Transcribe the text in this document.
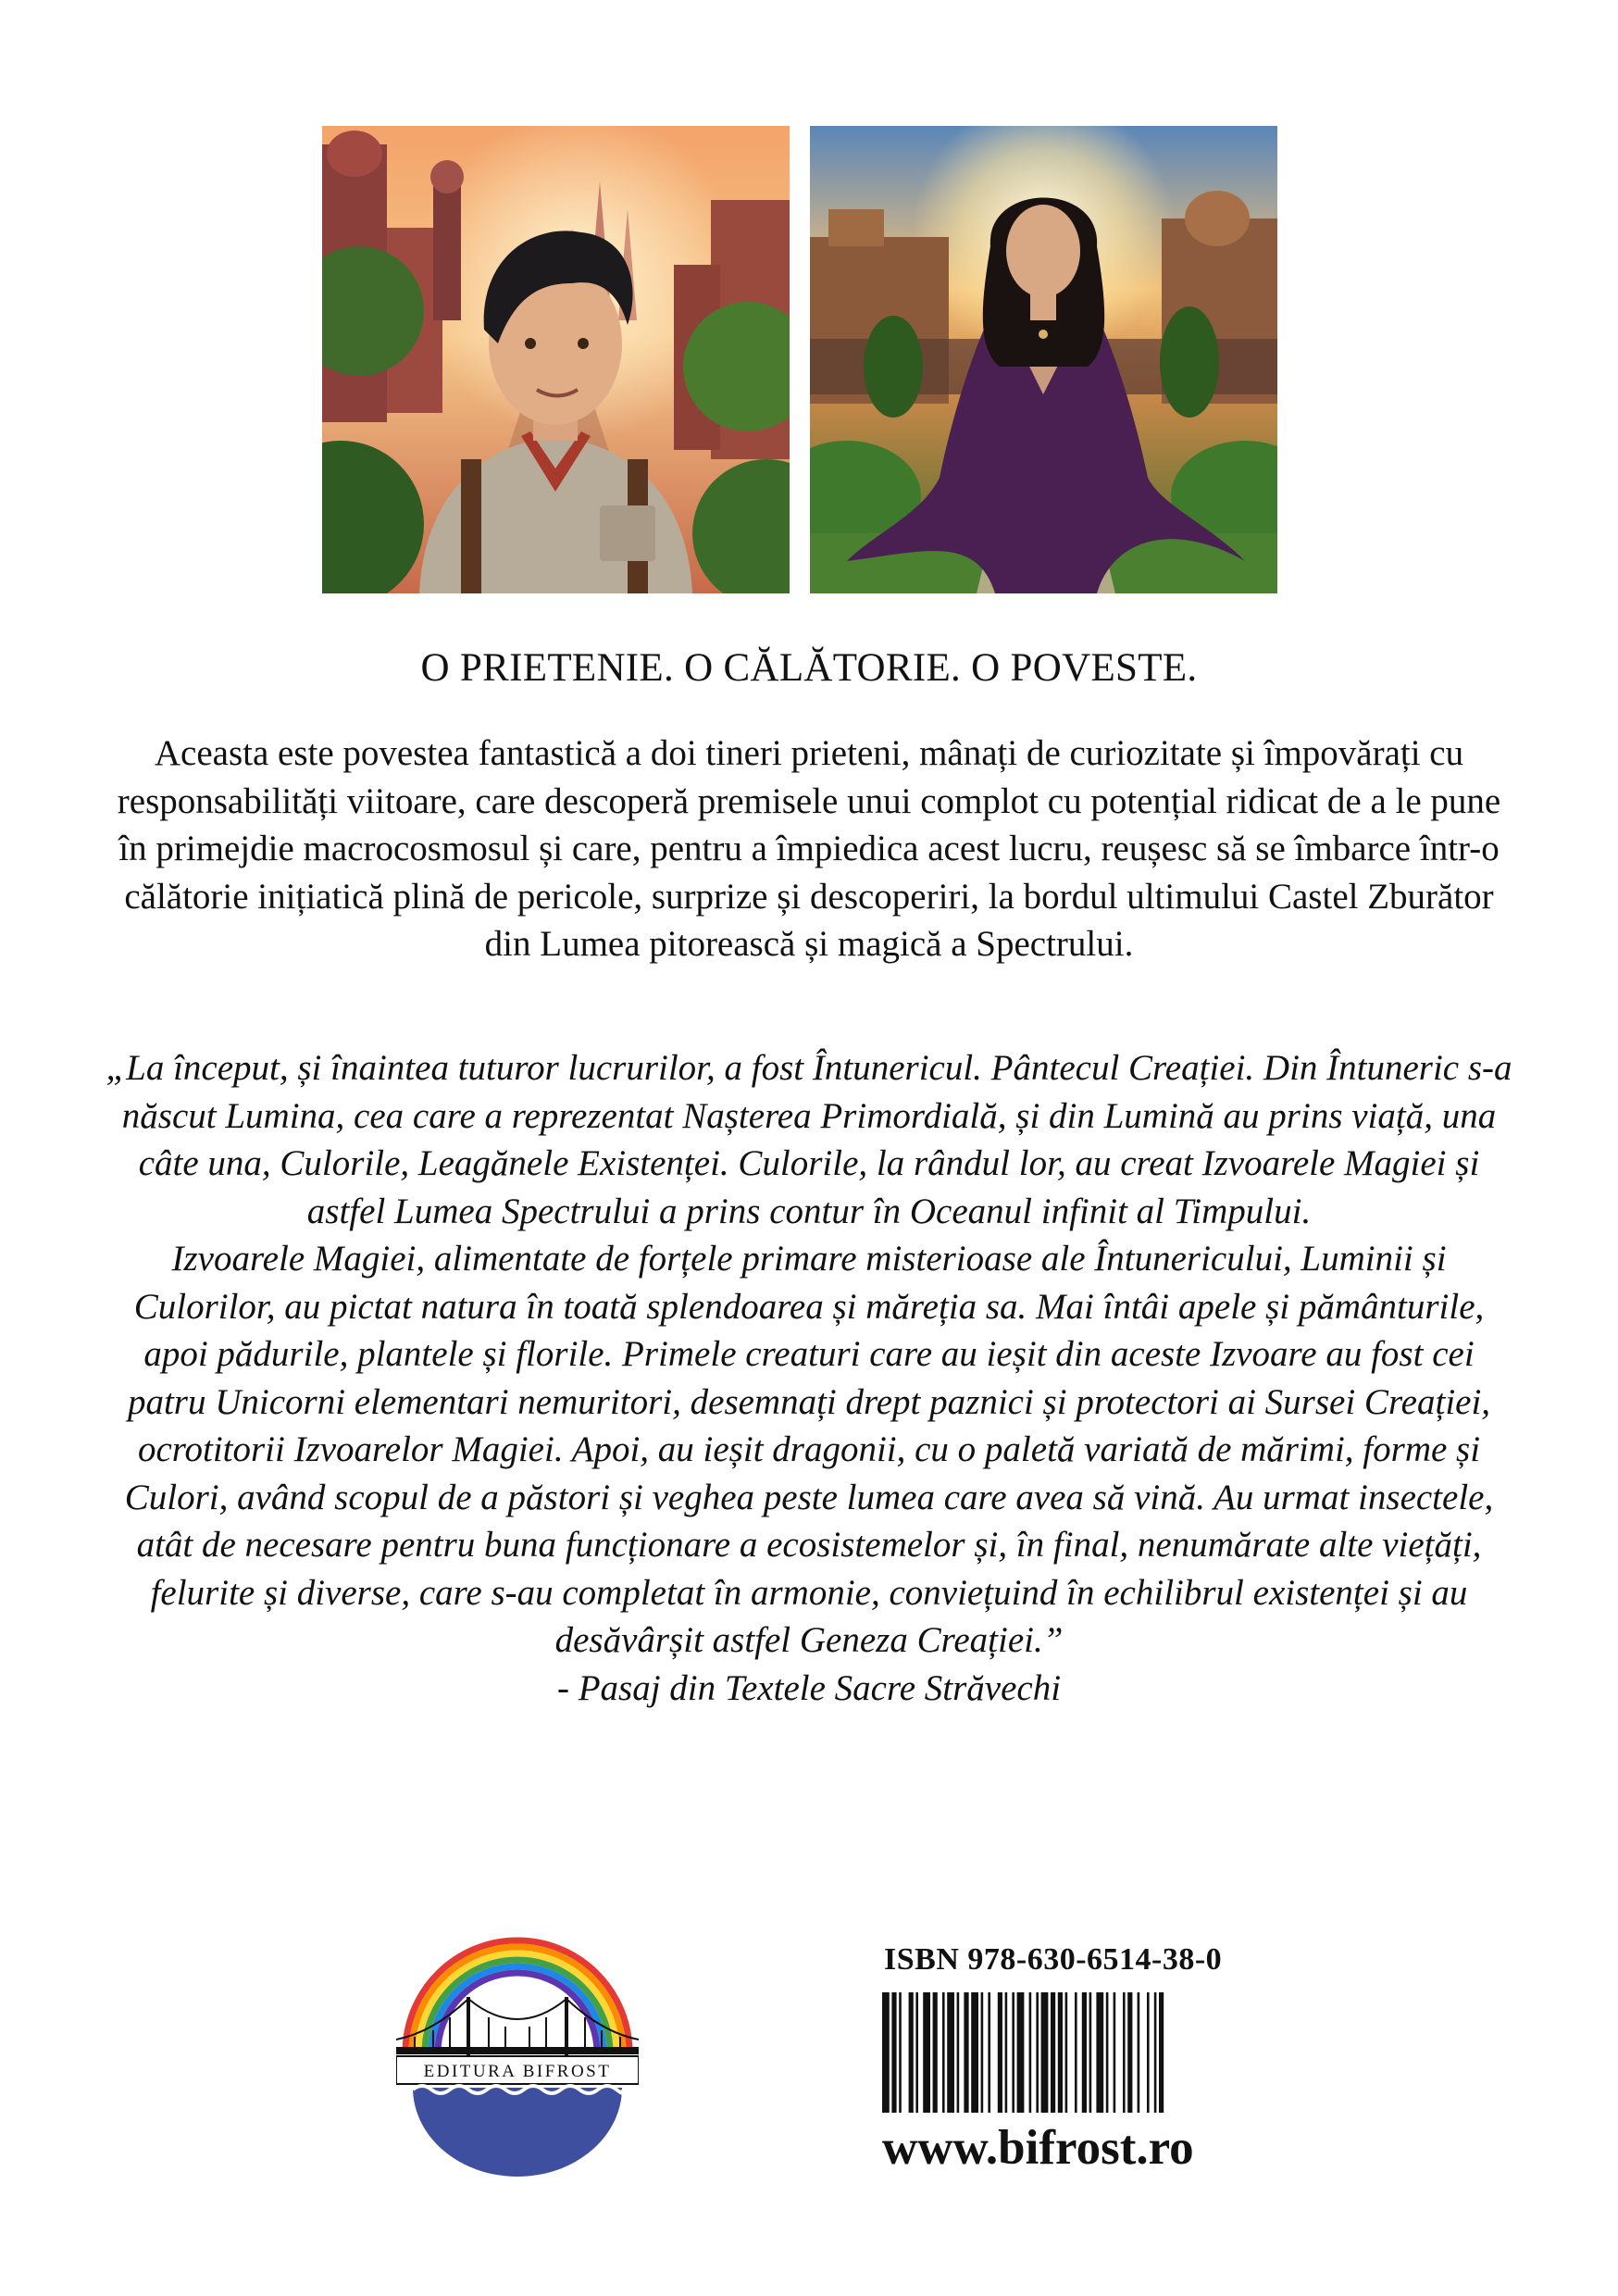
O PRIETENIE. O CĂLĂTORIE. O POVESTE.

Aceasta este povestea fantastică a doi tineri prieteni, mânați de curiozitate și împovărați cu responsabilități viitoare, care descoperă premisele unui complot cu potențial ridicat de a le pune în primejdie macrocosmosul și care, pentru a împiedica acest lucru, reușesc să se îmbarce într-o călătorie inițiatică plină de pericole, surprize și descoperiri, la bordul ultimului Castel Zburător din Lumea pitorească și magică a Spectrului.

„La început, și înaintea tuturor lucrurilor, a fost Întunericul. Pântecul Creației. Din Întuneric s-a născut Lumina, cea care a reprezentat Nașterea Primordială, și din Lumină au prins viață, una câte una, Culorile, Leagănele Existenței. Culorile, la rândul lor, au creat Izvoarele Magiei și astfel Lumea Spectrului a prins contur în Oceanul infinit al Timpului.

Izvoarele Magiei, alimentate de forțele primare misterioase ale Întunericului, Luminii și Culorilor, au pictat natura în toată splendoarea și măreția sa. Mai întâi apele și pământurile, apoi pădurile, plantele și florile. Primele creaturi care au ieșit din aceste Izvoare au fost cei patru Unicorni elementari nemuritori, desemnați drept paznici și protectori ai Sursei Creației, ocrotitorii Izvoarelor Magiei. Apoi, au ieșit dragonii, cu o paletă variată de mărimi, forme și Culori, având scopul de a păstori și veghea peste lumea care avea să vină. Au urmat insectele, atât de necesare pentru buna funcționare a ecosistemelor și, în final, nenumărate alte viețăți, felurite și diverse, care s-au completat în armonie, conviețuind în echilibrul existenței și au desăvârșit astfel Geneza Creației.”

- Pasaj din Textele Sacre Străvechi

EDITURA BIFROST
ISBN 978-630-6514-38-0
www.bifrost.ro
